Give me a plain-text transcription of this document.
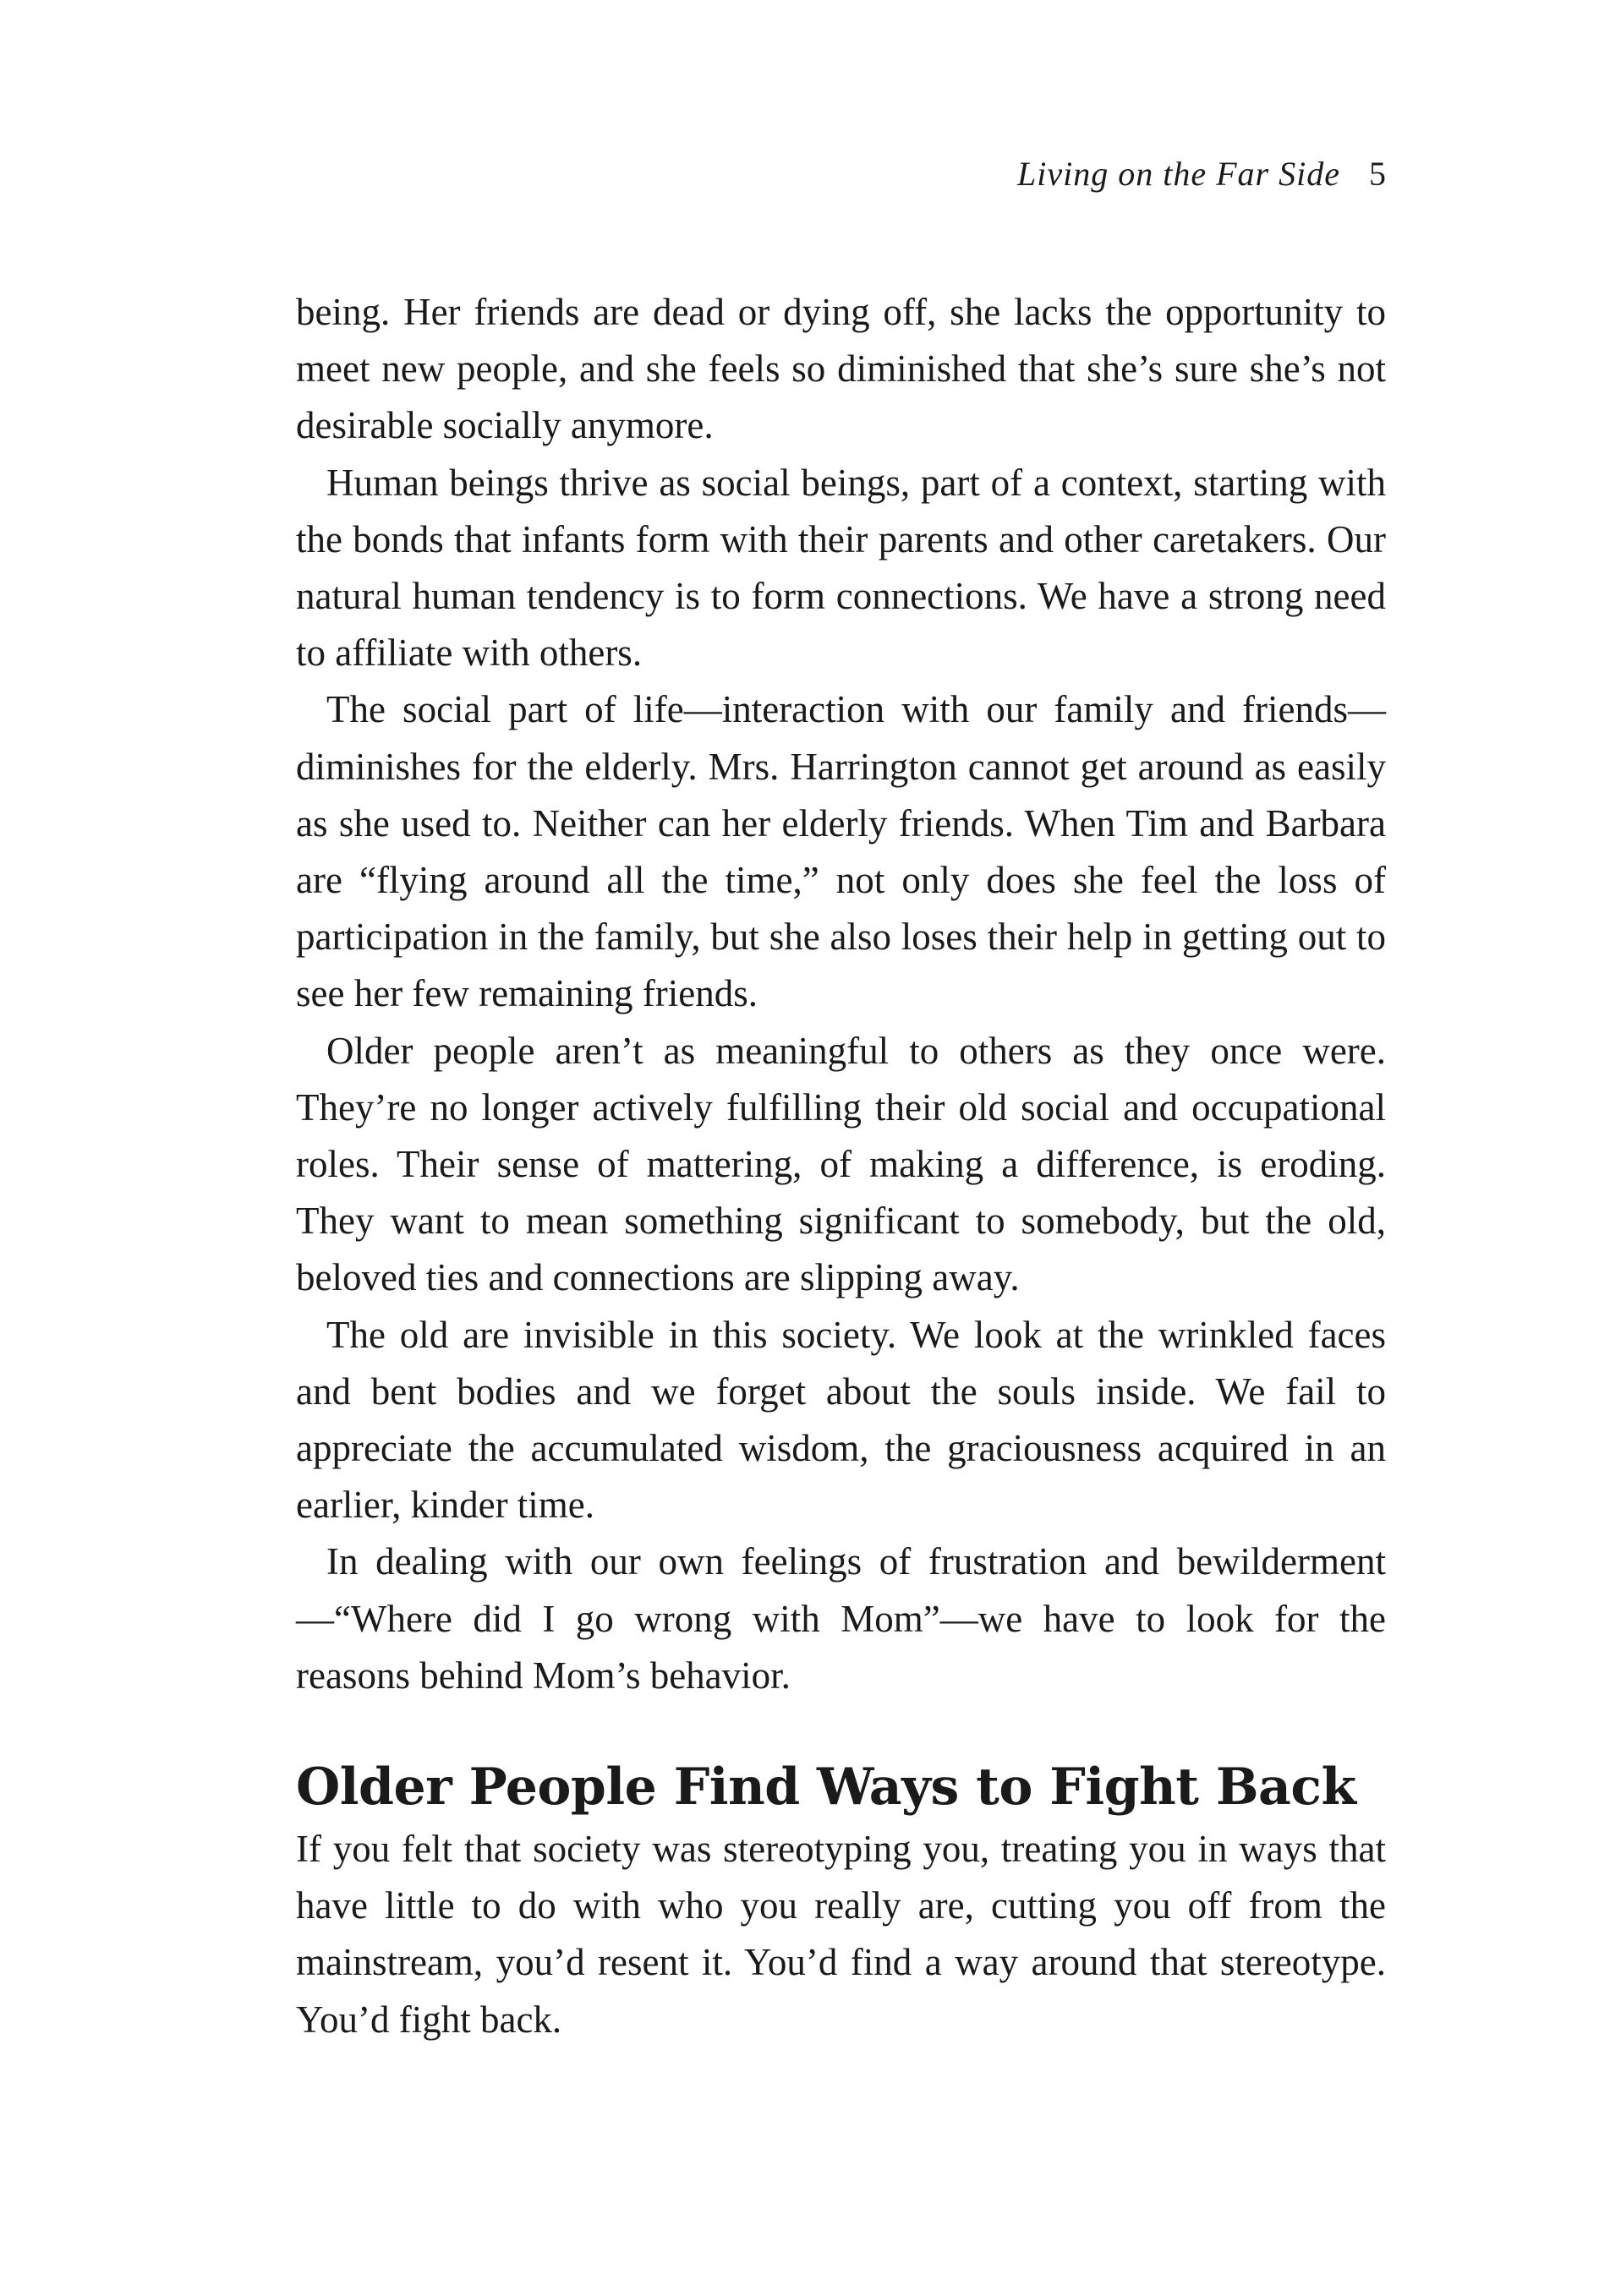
Living on the Far Side 5

being. Her friends are dead or dying off, she lacks the opportunity to meet new people, and she feels so diminished that she’s sure she’s not desirable socially anymore.

Human beings thrive as social beings, part of a context, starting with the bonds that infants form with their parents and other caretakers. Our natural human tendency is to form connections. We have a strong need to affiliate with others.

The social part of life—interaction with our family and friends—diminishes for the elderly. Mrs. Harrington cannot get around as easily as she used to. Neither can her elderly friends. When Tim and Barbara are “flying around all the time,” not only does she feel the loss of participation in the family, but she also loses their help in getting out to see her few remaining friends.

Older people aren’t as meaningful to others as they once were. They’re no longer actively fulfilling their old social and occupational roles. Their sense of mattering, of making a difference, is eroding. They want to mean something significant to somebody, but the old, beloved ties and connections are slipping away.

The old are invisible in this society. We look at the wrinkled faces and bent bodies and we forget about the souls inside. We fail to appreciate the accumulated wisdom, the graciousness acquired in an earlier, kinder time.

In dealing with our own feelings of frustration and bewilderment—“Where did I go wrong with Mom”—we have to look for the reasons behind Mom’s behavior.

Older People Find Ways to Fight Back

If you felt that society was stereotyping you, treating you in ways that have little to do with who you really are, cutting you off from the mainstream, you’d resent it. You’d find a way around that stereotype. You’d fight back.
